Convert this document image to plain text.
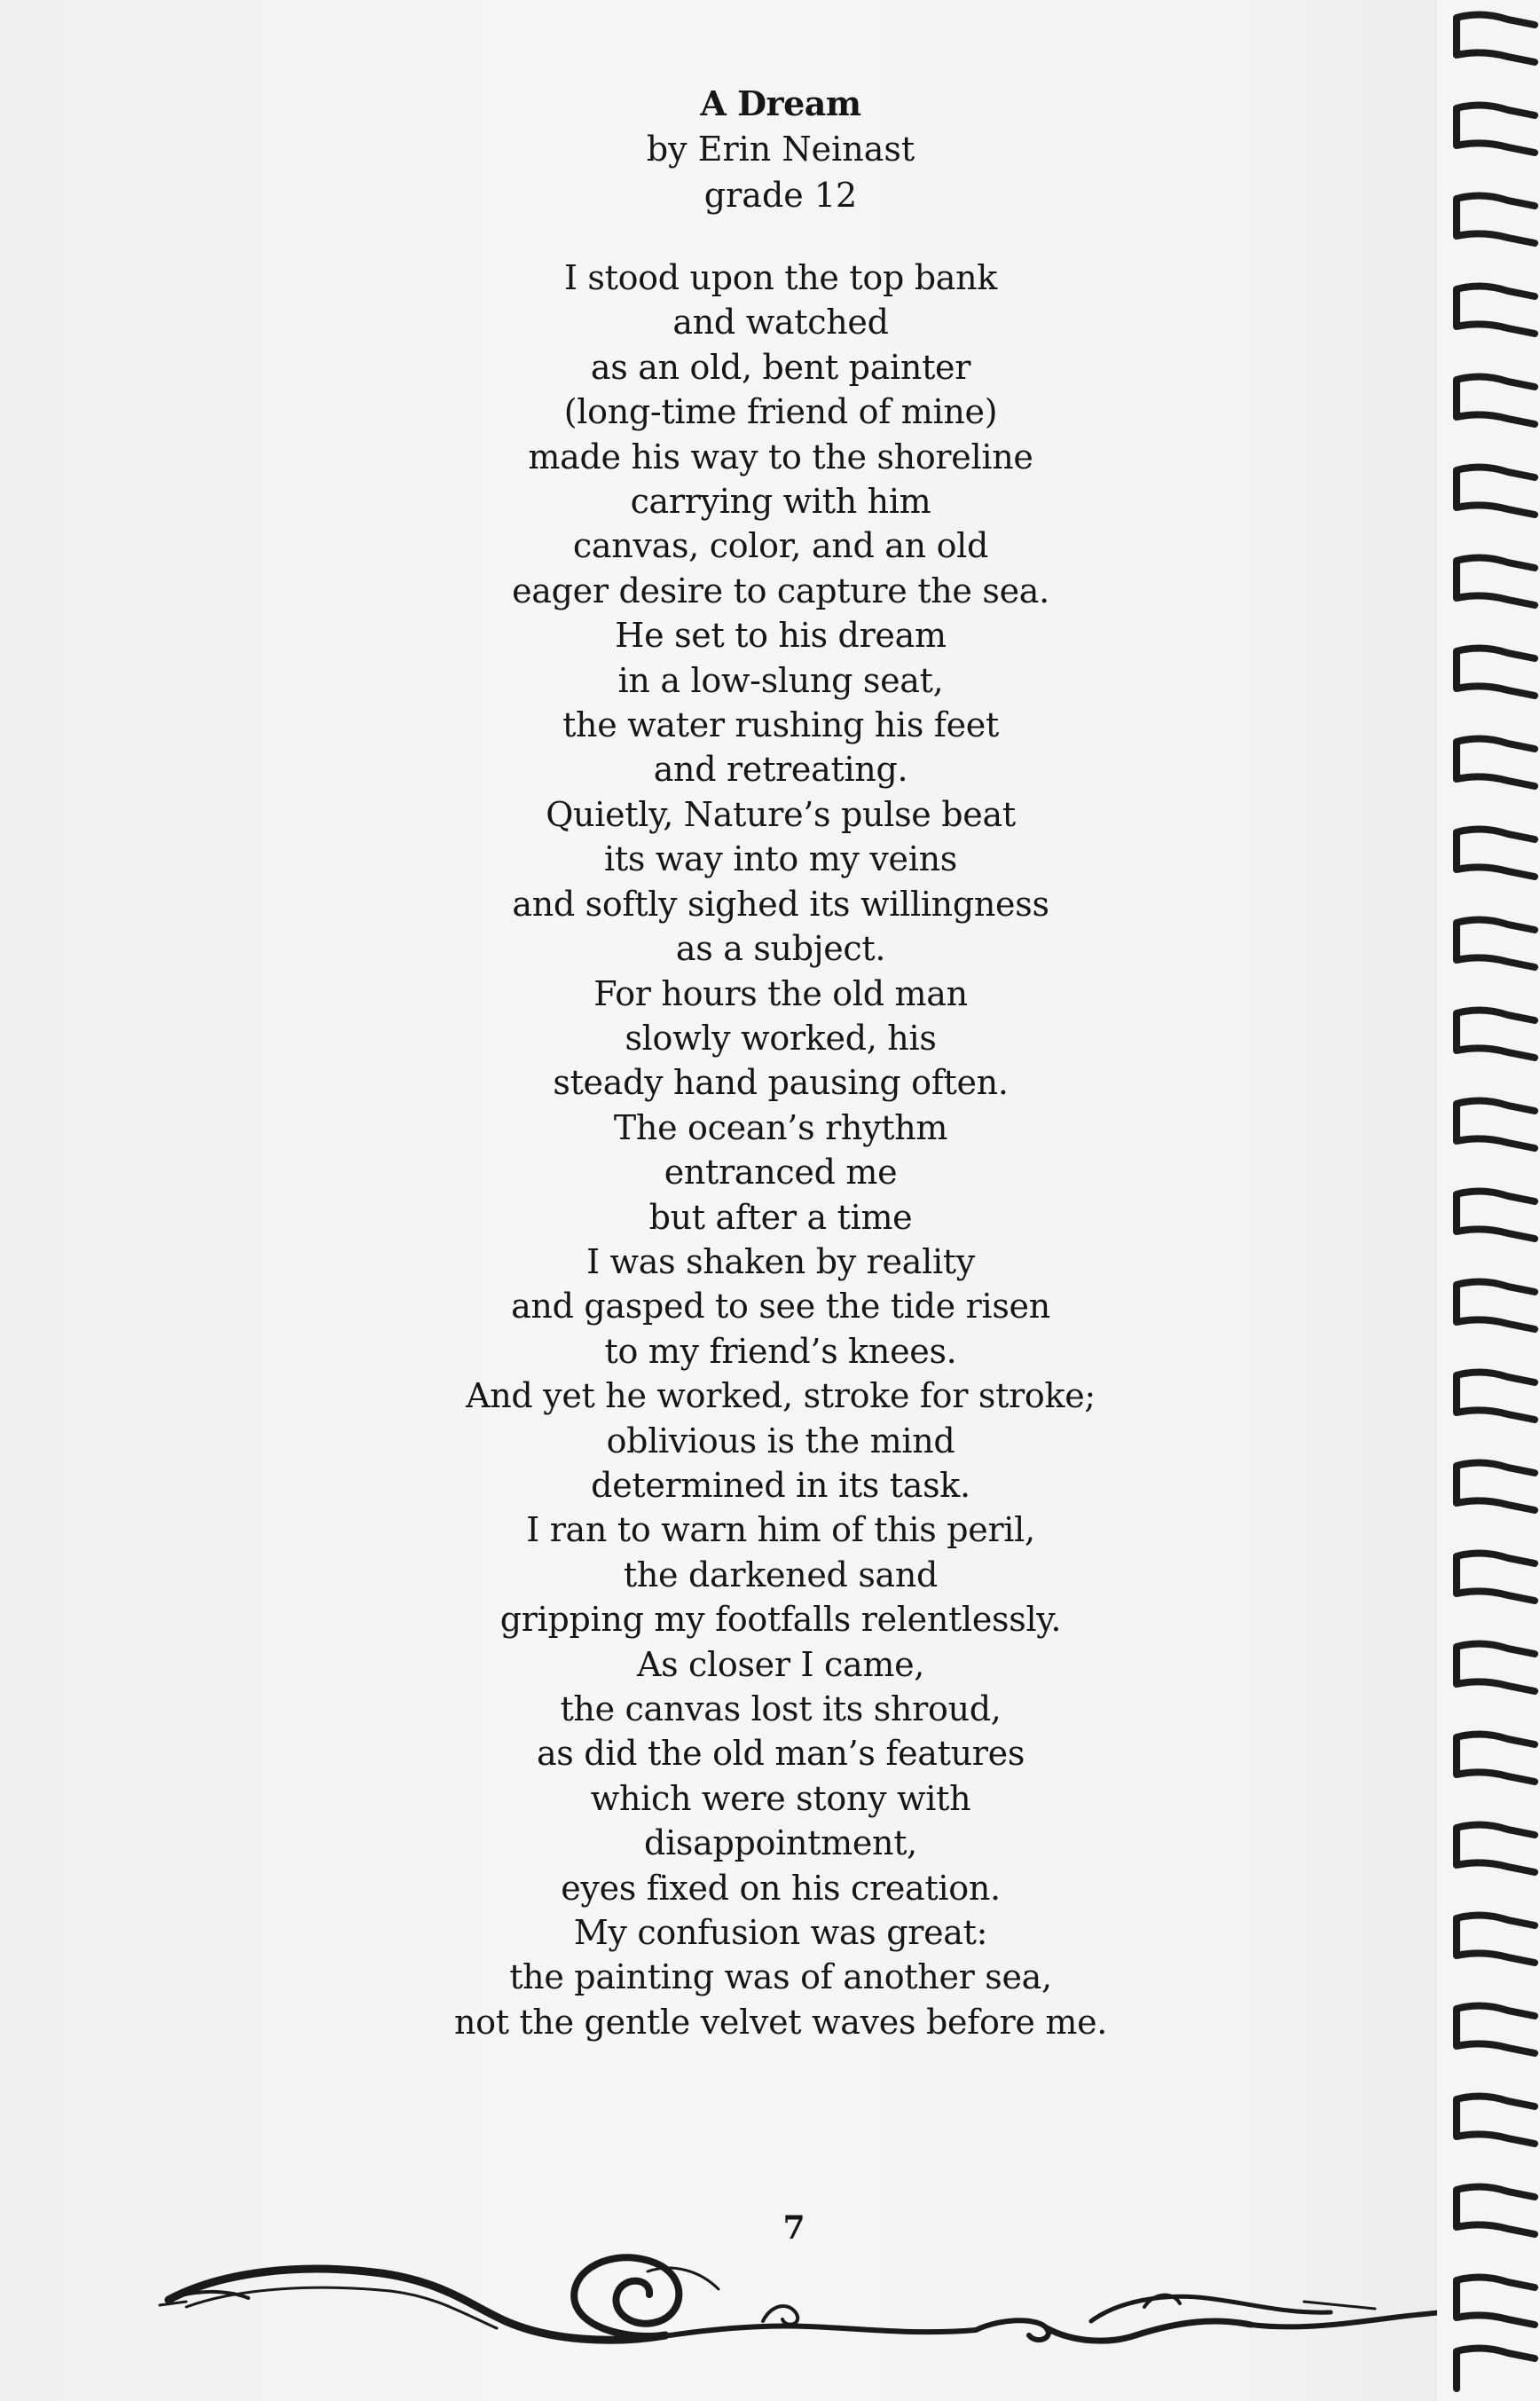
A Dream

by Erin Neinast

grade 12

I stood upon the top bank
and watched
as an old, bent painter
(long-time friend of mine)
made his way to the shoreline
carrying with him
canvas, color, and an old
eager desire to capture the sea.
He set to his dream
in a low-slung seat,
the water rushing his feet
and retreating.
Quietly, Nature’s pulse beat
its way into my veins
and softly sighed its willingness
as a subject.
For hours the old man
slowly worked, his
steady hand pausing often.
The ocean’s rhythm
entranced me
but after a time
I was shaken by reality
and gasped to see the tide risen
to my friend’s knees.
And yet he worked, stroke for stroke;
oblivious is the mind
determined in its task.
I ran to warn him of this peril,
the darkened sand
gripping my footfalls relentlessly.
As closer I came,
the canvas lost its shroud,
as did the old man’s features
which were stony with
disappointment,
eyes fixed on his creation.
My confusion was great:
the painting was of another sea,
not the gentle velvet waves before me.
7
